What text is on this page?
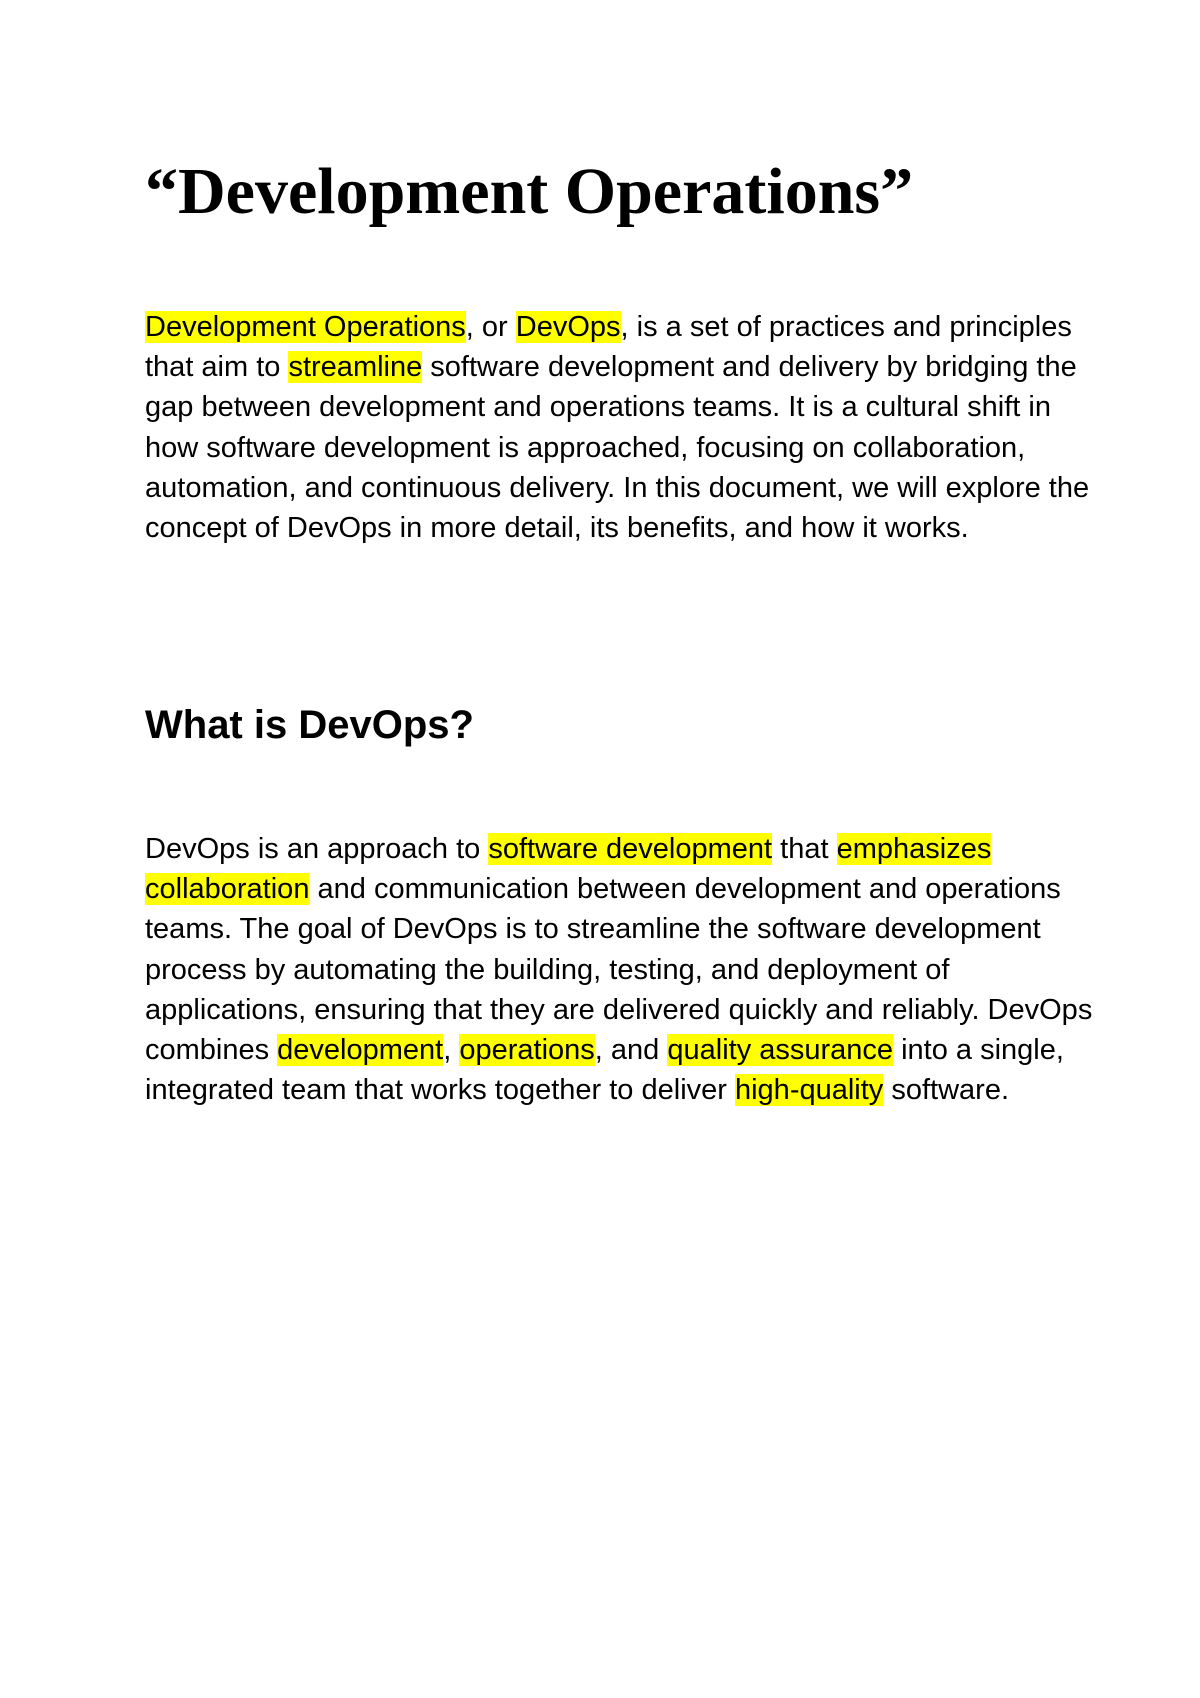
“Development Operations”

Development Operations, or DevOps, is a set of practices and principles that aim to streamline software development and delivery by bridging the gap between development and operations teams. It is a cultural shift in how software development is approached, focusing on collaboration, automation, and continuous delivery. In this document, we will explore the concept of DevOps in more detail, its benefits, and how it works.

What is DevOps?

DevOps is an approach to software development that emphasizes collaboration and communication between development and operations teams. The goal of DevOps is to streamline the software development process by automating the building, testing, and deployment of applications, ensuring that they are delivered quickly and reliably. DevOps combines development, operations, and quality assurance into a single, integrated team that works together to deliver high-quality software.
